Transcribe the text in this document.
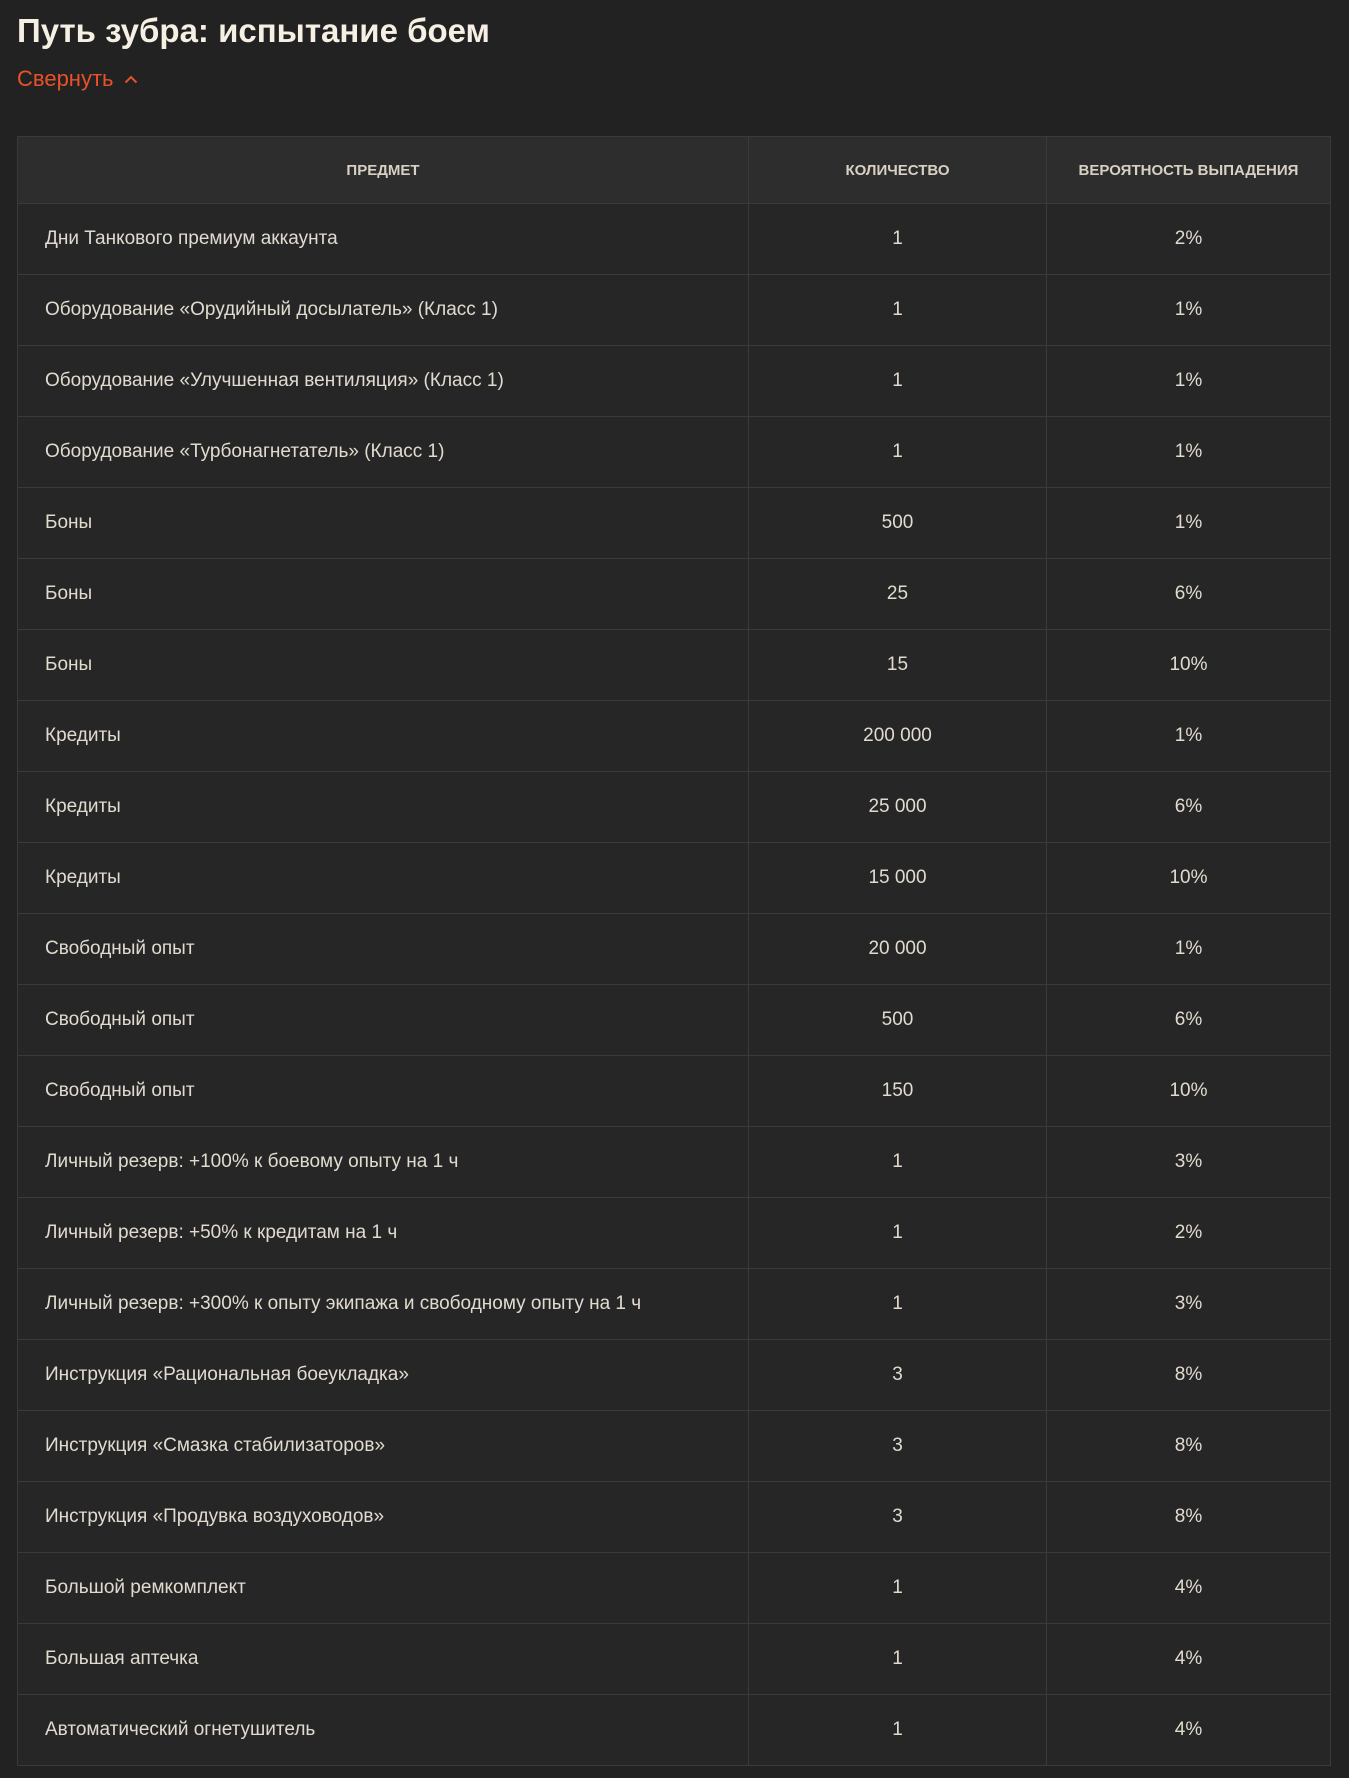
Путь зубра: испытание боем
Свернуть
ПРЕДМЕТ	КОЛИЧЕСТВО	ВЕРОЯТНОСТЬ ВЫПАДЕНИЯ
Дни Танкового премиум аккаунта	1	2%
Оборудование «Орудийный досылатель» (Класс 1)	1	1%
Оборудование «Улучшенная вентиляция» (Класс 1)	1	1%
Оборудование «Турбонагнетатель» (Класс 1)	1	1%
Боны	500	1%
Боны	25	6%
Боны	15	10%
Кредиты	200 000	1%
Кредиты	25 000	6%
Кредиты	15 000	10%
Свободный опыт	20 000	1%
Свободный опыт	500	6%
Свободный опыт	150	10%
Личный резерв: +100% к боевому опыту на 1 ч	1	3%
Личный резерв: +50% к кредитам на 1 ч	1	2%
Личный резерв: +300% к опыту экипажа и свободному опыту на 1 ч	1	3%
Инструкция «Рациональная боеукладка»	3	8%
Инструкция «Смазка стабилизаторов»	3	8%
Инструкция «Продувка воздуховодов»	3	8%
Большой ремкомплект	1	4%
Большая аптечка	1	4%
Автоматический огнетушитель	1	4%
